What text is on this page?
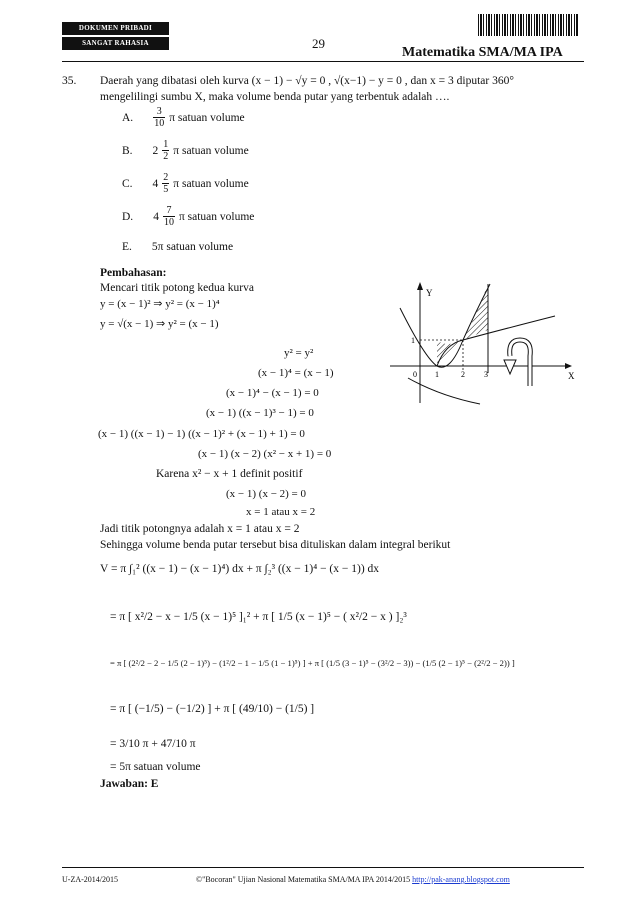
DOKUMEN PRIBADI
SANGAT RAHASIA	29
Matematika SMA/MA IPA
35. Daerah yang dibatasi oleh kurva (x − 1) − √y = 0 , √(x−1) − y = 0 , dan x = 3 diputar 360°
mengelilingi sumbu X, maka volume benda putar yang terbentuk adalah ….
A. $\frac{3}{10}$ π satuan volume
B. $2 \frac{1}{2}$ π satuan volume
C. $4 \frac{2}{5}$ π satuan volume
D. $4 \frac{7}{10}$ π satuan volume
E. 5π satuan volume
Pembahasan:
Mencari titik potong kedua kurva
y = (x − 1)² ⇒ y² = (x − 1)⁴
y = √(x − 1) ⇒ y² = (x − 1)
y² = y²
(x − 1)⁴ = (x − 1)
(x − 1)⁴ − (x − 1) = 0
(x − 1) ((x − 1)³ − 1) = 0
(x − 1) ((x − 1) − 1) ((x − 1)² + (x − 1) + 1) = 0
(x − 1) (x − 2) (x² − x + 1) = 0
Karena x² − x + 1 definit positif
(x − 1) (x − 2) = 0
x = 1 atau x = 2
Jadi titik potongnya adalah x = 1 atau x = 2
Sehingga volume benda putar tersebut bisa dituliskan dalam integral berikut
V = π ∫₁² ((x − 1) − (x − 1)⁴) dx + π ∫₂³ ((x − 1)⁴ − (x − 1)) dx
= π [ x²/2 − x − 1/5 (x − 1)⁵ ]₁² + π [ 1/5 (x − 1)⁵ − ( x²/2 − x ) ]₂³
= π [ (2²/2 − 2 − 1/5 (2 − 1)⁵) − (1²/2 − 1 − 1/5 (1 − 1)⁵) ] + π [ (1/5 (3 − 1)⁵ − (3²/2 − 3)) − (1/5 (2 − 1)⁵ − (2²/2 − 2)) ]
= π [ (−1/5) − (−1/2) ] + π [ (49/10) − (1/5) ]
= 3/10 π + 47/10 π
= 5π satuan volume
Jawaban: E
Y
X
0 1	2 3
1
U-ZA-2014/2015	©"Bocoran" Ujian Nasional Matematika SMA/MA IPA 2014/2015 http://pak-anang.blogspot.com
